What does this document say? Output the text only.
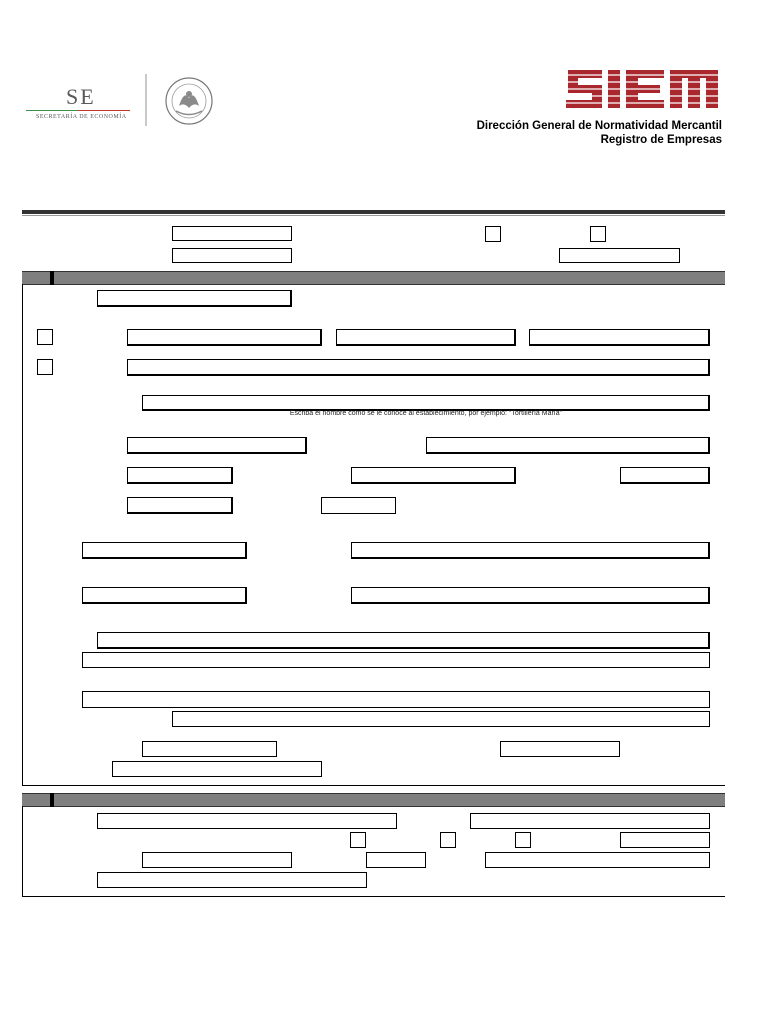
SE
SECRETARÍA DE ECONOMÍA
Dirección General de Normatividad Mercantil
Registro de Empresas
Escriba el nombre como se le conoce al establecimiento, por ejemplo: "Tortillería María"
